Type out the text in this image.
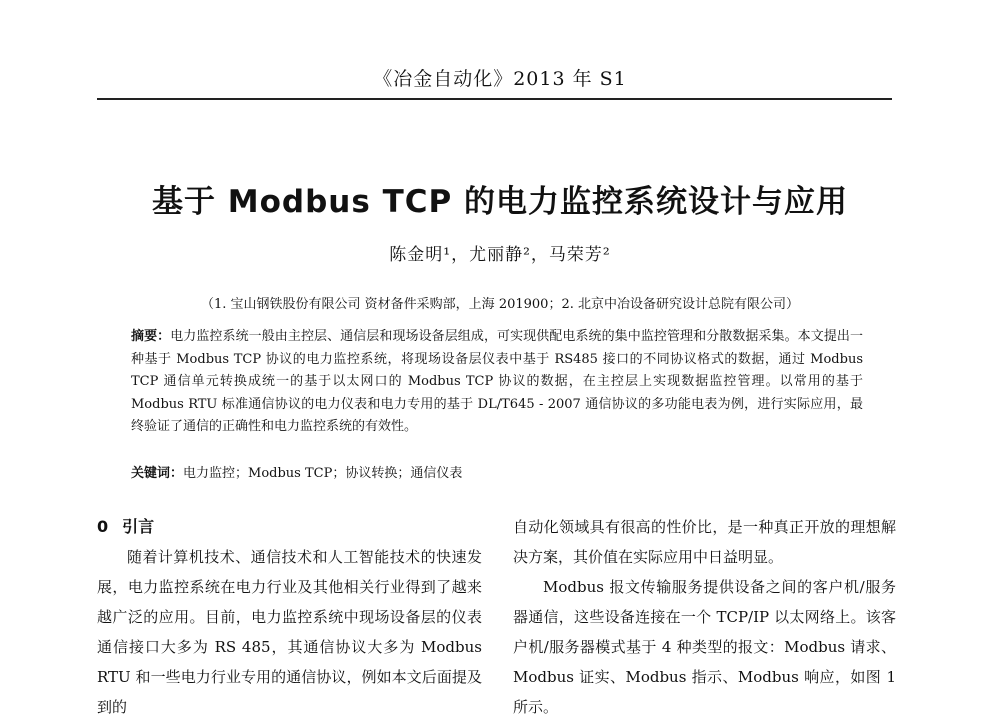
《冶金自动化》2013 年 S1
基于 Modbus TCP 的电力监控系统设计与应用
陈金明¹，尤丽静²，马荣芳²
（1. 宝山钢铁股份有限公司 资材备件采购部，上海 201900；2. 北京中冶设备研究设计总院有限公司）
摘要：电力监控系统一般由主控层、通信层和现场设备层组成，可实现供配电系统的集中监控管理和分散数据采集。本文提出一种基于 Modbus TCP 协议的电力监控系统，将现场设备层仪表中基于 RS485 接口的不同协议格式的数据，通过 Modbus TCP 通信单元转换成统一的基于以太网口的 Modbus TCP 协议的数据，在主控层上实现数据监控管理。以常用的基于 Modbus RTU 标准通信协议的电力仪表和电力专用的基于 DL/T645 - 2007 通信协议的多功能电表为例，进行实际应用，最终验证了通信的正确性和电力监控系统的有效性。
关键词：电力监控；Modbus TCP；协议转换；通信仪表
0 引言

随着计算机技术、通信技术和人工智能技术的快速发展，电力监控系统在电力行业及其他相关行业得到了越来越广泛的应用。目前，电力监控系统中现场设备层的仪表通信接口大多为 RS 485，其通信协议大多为 Modbus RTU 和一些电力行业专用的通信协议，例如本文后面提及到的

自动化领域具有很高的性价比，是一种真正开放的理想解决方案，其价值在实际应用中日益明显。

Modbus 报文传输服务提供设备之间的客户机/服务器通信，这些设备连接在一个 TCP/IP 以太网络上。该客户机/服务器模式基于 4 种类型的报文：Modbus 请求、Modbus 证实、Modbus 指示、Modbus 响应，如图 1 所示。
